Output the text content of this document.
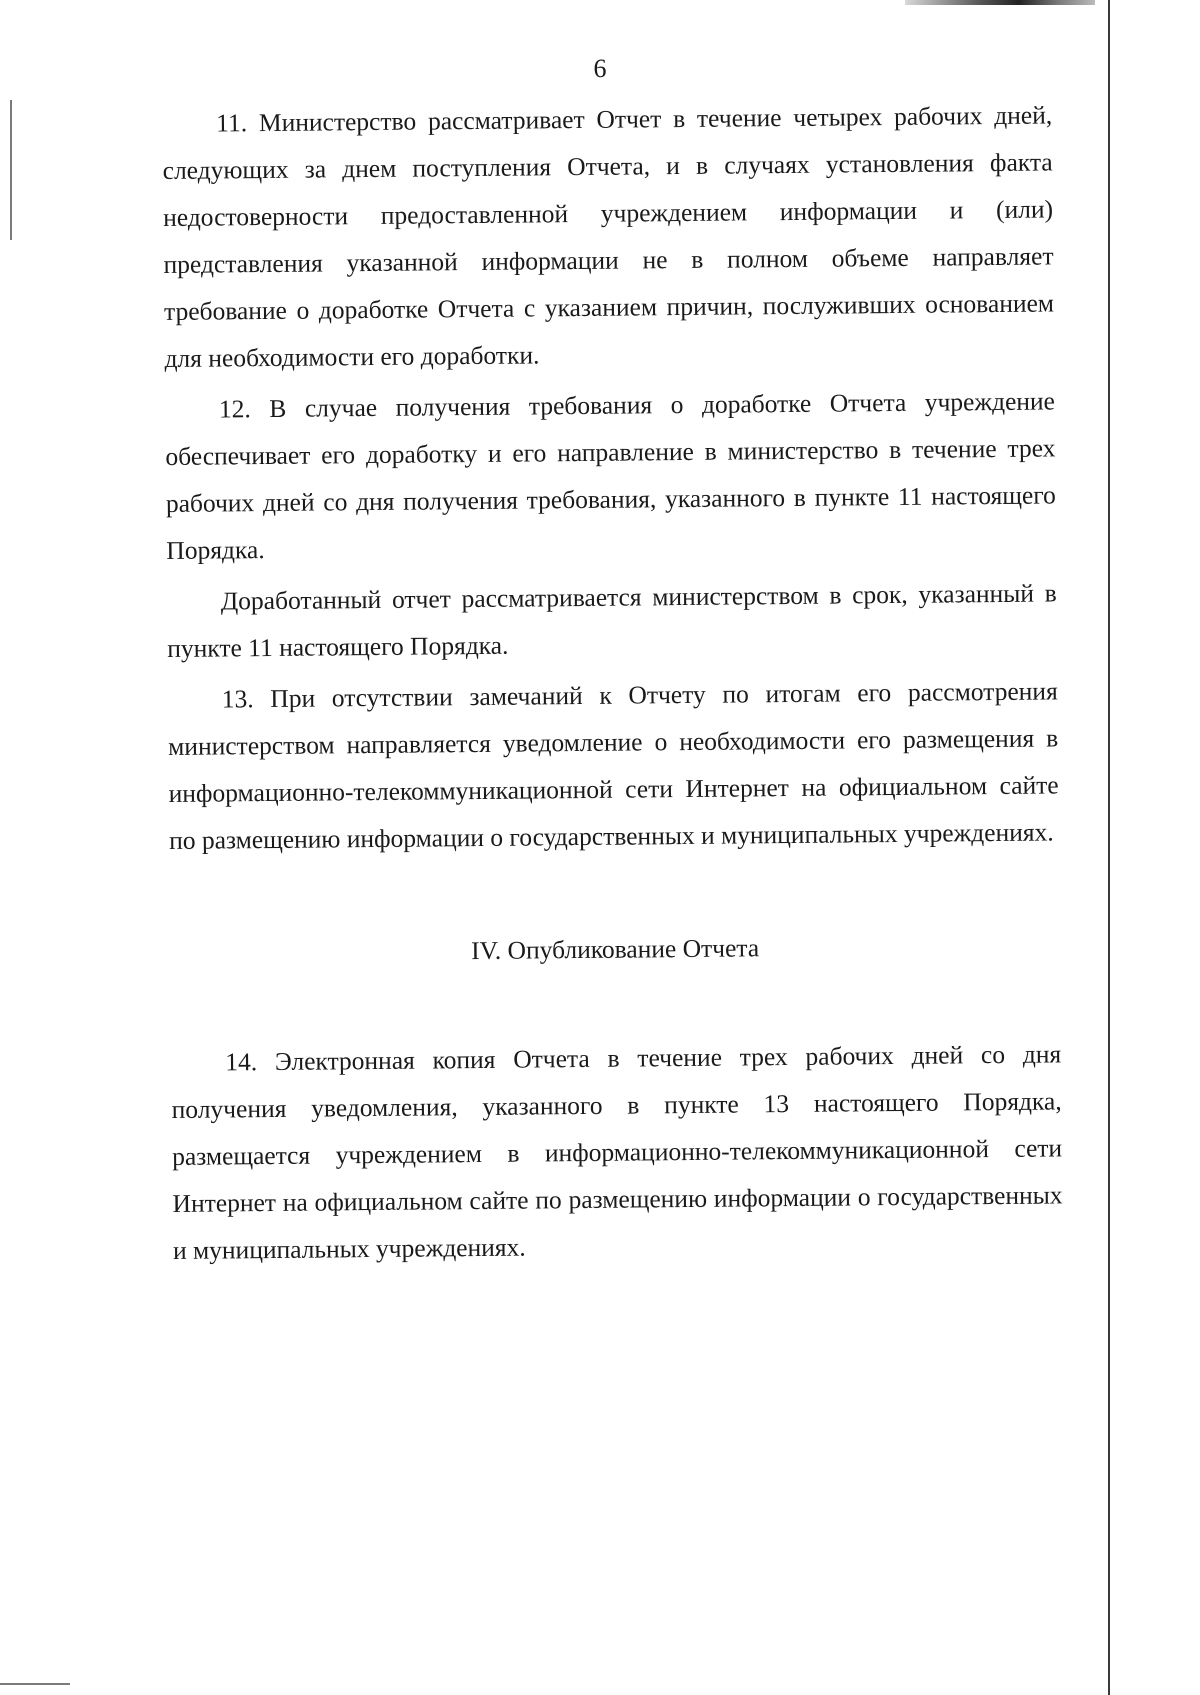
6

11. Министерство рассматривает Отчет в течение четырех рабочих дней, следующих за днем поступления Отчета, и в случаях установления факта недостоверности предоставленной учреждением информации и (или) представления указанной информации не в полном объеме направляет требование о доработке Отчета с указанием причин, послуживших основанием для необходимости его доработки.

12. В случае получения требования о доработке Отчета учреждение обеспечивает его доработку и его направление в министерство в течение трех рабочих дней со дня получения требования, указанного в пункте 11 настоящего Порядка.

Доработанный отчет рассматривается министерством в срок, указанный в пункте 11 настоящего Порядка.

13. При отсутствии замечаний к Отчету по итогам его рассмотрения министерством направляется уведомление о необходимости его размещения в информационно-телекоммуникационной сети Интернет на официальном сайте по размещению информации о государственных и муниципальных учреждениях.

IV. Опубликование Отчета

14. Электронная копия Отчета в течение трех рабочих дней со дня получения уведомления, указанного в пункте 13 настоящего Порядка, размещается учреждением в информационно-телекоммуникационной сети Интернет на официальном сайте по размещению информации о государственных и муниципальных учреждениях.
